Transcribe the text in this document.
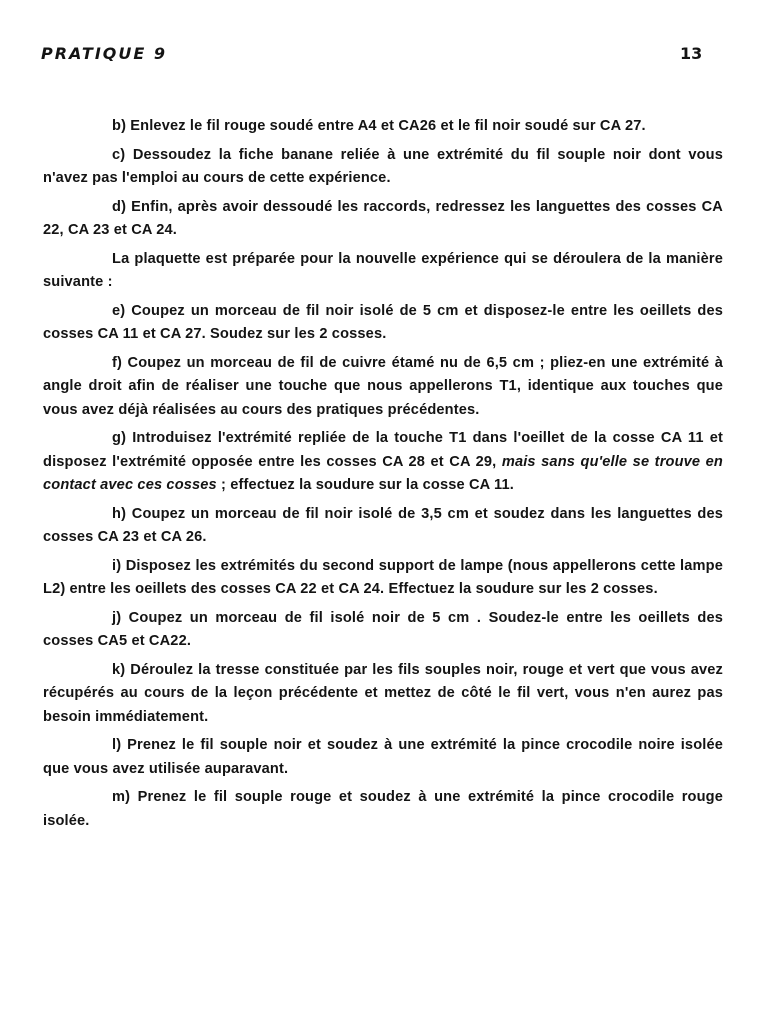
PRATIQUE 9	13

b) Enlevez le fil rouge soudé entre A4 et CA26 et le fil noir soudé sur CA 27.

c) Dessoudez la fiche banane reliée à une extrémité du fil souple noir dont vous n'avez pas l'emploi au cours de cette expérience.

d) Enfin, après avoir dessoudé les raccords, redressez les languettes des cosses CA 22, CA 23 et CA 24.

La plaquette est préparée pour la nouvelle expérience qui se déroulera de la manière suivante :

e) Coupez un morceau de fil noir isolé de 5 cm et disposez-le entre les oeillets des cosses CA 11 et CA 27. Soudez sur les 2 cosses.

f) Coupez un morceau de fil de cuivre étamé nu de 6,5 cm ; pliez-en une extrémité à angle droit afin de réaliser une touche que nous appellerons T1, identique aux touches que vous avez déjà réalisées au cours des pratiques précédentes.

g) Introduisez l'extrémité repliée de la touche T1 dans l'oeillet de la cosse CA 11 et disposez l'extrémité opposée entre les cosses CA 28 et CA 29, mais sans qu'elle se trouve en contact avec ces cosses ; effectuez la soudure sur la cosse CA 11.

h) Coupez un morceau de fil noir isolé de 3,5 cm et soudez dans les languettes des cosses CA 23 et CA 26.

i) Disposez les extrémités du second support de lampe (nous appellerons cette lampe L2) entre les oeillets des cosses CA 22 et CA 24. Effectuez la soudure sur les 2 cosses.

j) Coupez un morceau de fil isolé noir de 5 cm . Soudez-le entre les oeillets des cosses CA5 et CA22.

k) Déroulez la tresse constituée par les fils souples noir, rouge et vert que vous avez récupérés au cours de la leçon précédente et mettez de côté le fil vert, vous n'en aurez pas besoin immédiatement.

l) Prenez le fil souple noir et soudez à une extrémité la pince crocodile noire isolée que vous avez utilisée auparavant.

m) Prenez le fil souple rouge et soudez à une extrémité la pince crocodile rouge isolée.
